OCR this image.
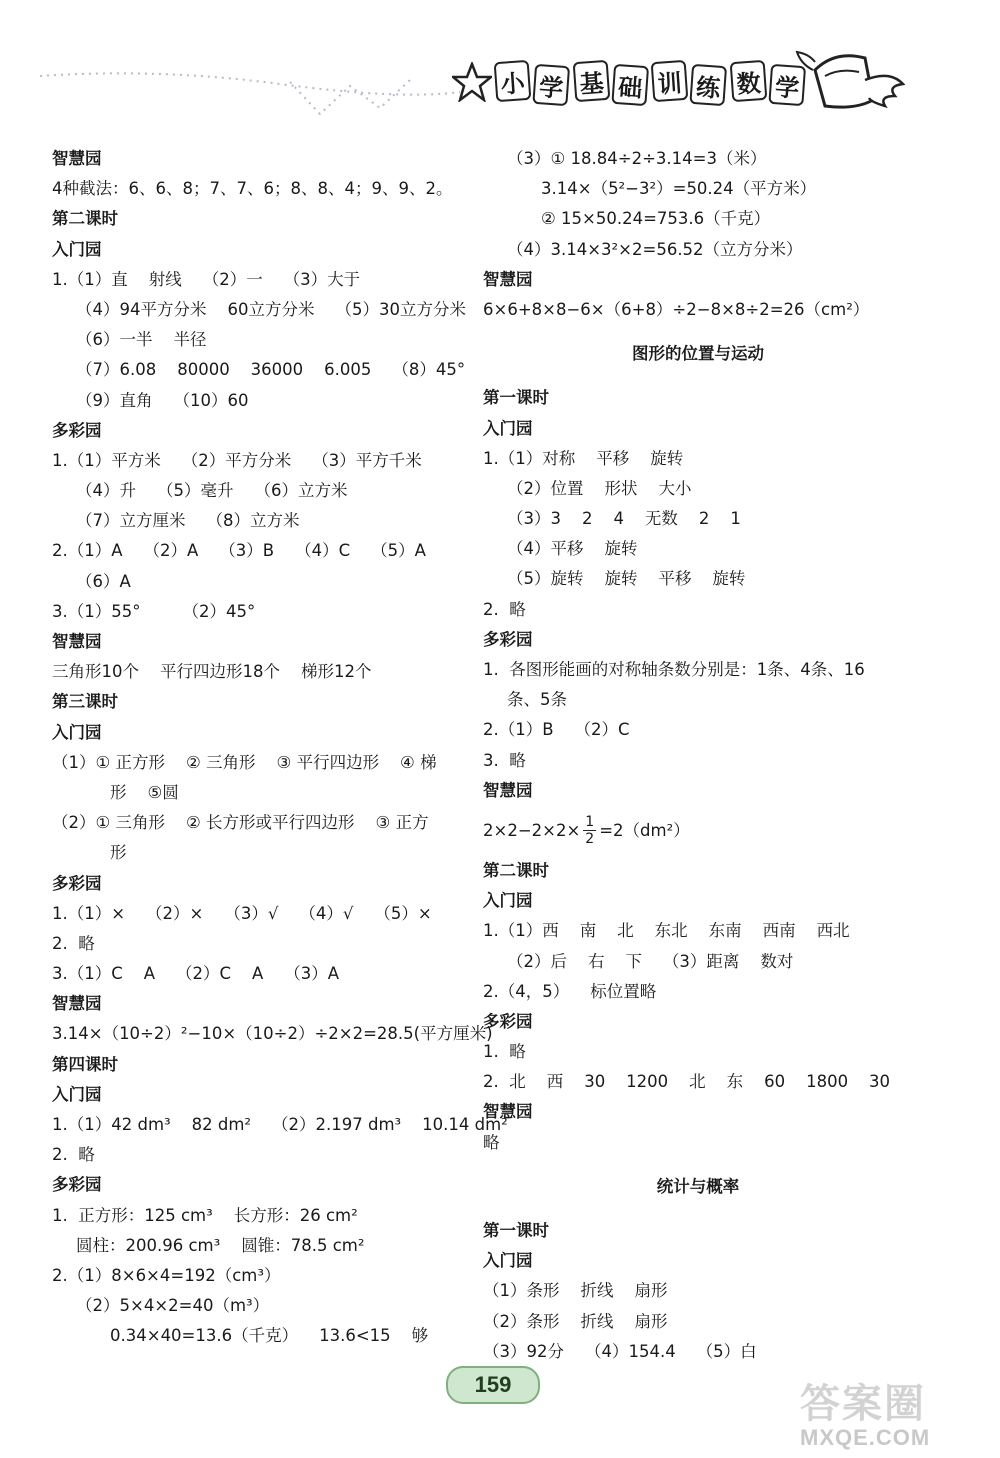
小 学 基 础 训 练 数 学
智慧园
4种截法：6、6、8；7、7、6；8、8、4；9、9、2。
第二课时
入门园
1.（1）直    射线    （2）一    （3）大于
（4）94平方分米    60立方分米    （5）30立方分米
（6）一半    半径
（7）6.08    80000    36000    6.005    （8）45°
（9）直角    （10）60
多彩园
1.（1）平方米    （2）平方分米    （3）平方千米
（4）升    （5）毫升    （6）立方米
（7）立方厘米    （8）立方米
2.（1）A    （2）A    （3）B    （4）C    （5）A
（6）A
3.（1）55°        （2）45°
智慧园
三角形10个    平行四边形18个    梯形12个
第三课时
入门园
（1）① 正方形    ② 三角形    ③ 平行四边形    ④ 梯
形    ⑤圆
（2）① 三角形    ② 长方形或平行四边形    ③ 正方
形
多彩园
1.（1）×    （2）×    （3）√    （4）√    （5）×
2.  略
3.（1）C    A    （2）C    A    （3）A
智慧园
3.14×（10÷2）²−10×（10÷2）÷2×2=28.5(平方厘米)
第四课时
入门园
1.（1）42 dm³    82 dm²    （2）2.197 dm³    10.14 dm²
2.  略
多彩园
1.  正方形：125 cm³    长方形：26 cm²
圆柱：200.96 cm³    圆锥：78.5 cm²
2.（1）8×6×4=192（cm³）
（2）5×4×2=40（m³）
0.34×40=13.6（千克）    13.6<15    够
（3）① 18.84÷2÷3.14=3（米）
3.14×（5²−3²）=50.24（平方米）
② 15×50.24=753.6（千克）
（4）3.14×3²×2=56.52（立方分米）
智慧园
6×6+8×8−6×（6+8）÷2−8×8÷2=26（cm²）
图形的位置与运动
第一课时
入门园
1.（1）对称    平移    旋转
（2）位置    形状    大小
（3）3    2    4    无数    2    1
（4）平移    旋转
（5）旋转    旋转    平移    旋转
2.  略
多彩园
1.  各图形能画的对称轴条数分别是：1条、4条、16
条、5条
2.（1）B    （2）C
3.  略
智慧园
$2\times 2-2\times 2\times \frac{1}{2} =2(dm^2)$
第二课时
入门园
1.（1）西    南    北    东北    东南    西南    西北
（2）后    右    下    （3）距离    数对
2.（4，5）    标位置略
多彩园
1.  略
2.  北    西    30    1200    北    东    60    1800    30
智慧园
略
统计与概率
第一课时
入门园
（1）条形    折线    扇形
（2）条形    折线    扇形
（3）92分    （4）154.4    （5）白
159	答案圈
MXQE.COM
